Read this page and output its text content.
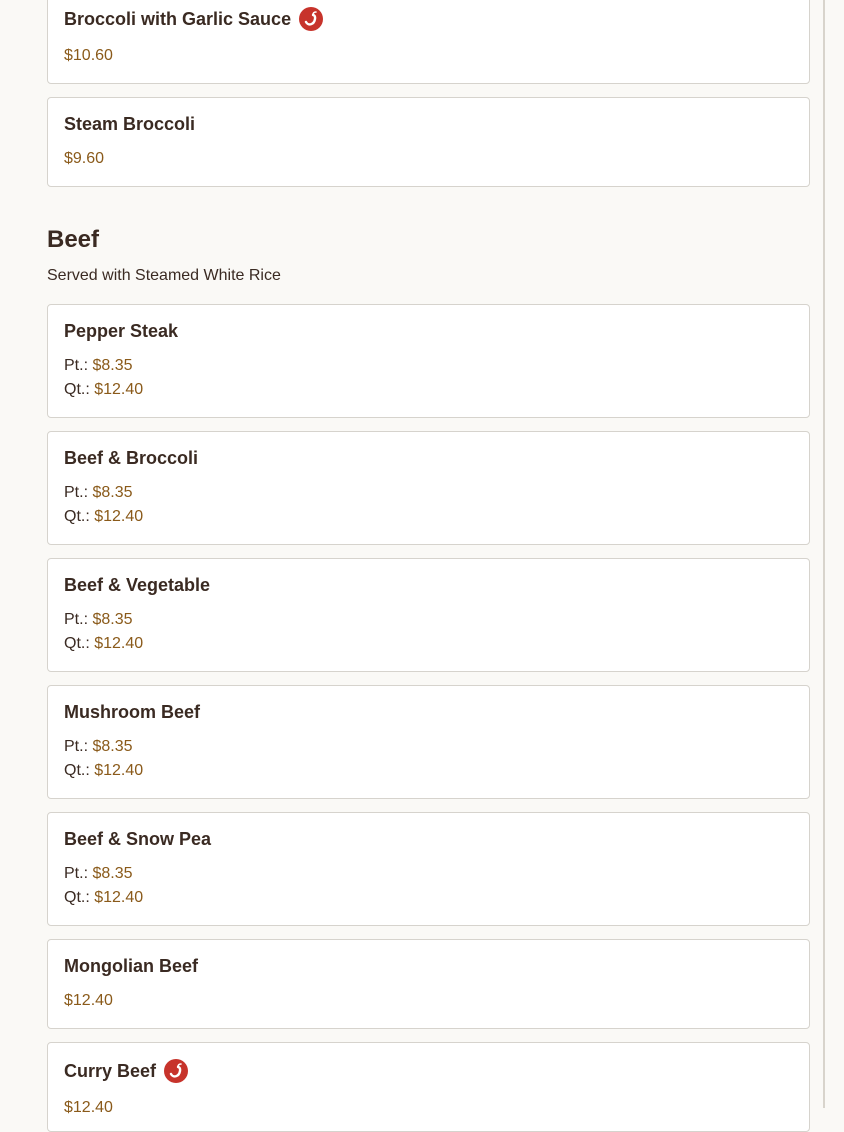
Broccoli with Garlic Sauce
$10.60
Steam Broccoli
$9.60
Beef
Served with Steamed White Rice
Pepper Steak
Pt.: $8.35
Qt.: $12.40
Beef & Broccoli
Pt.: $8.35
Qt.: $12.40
Beef & Vegetable
Pt.: $8.35
Qt.: $12.40
Mushroom Beef
Pt.: $8.35
Qt.: $12.40
Beef & Snow Pea
Pt.: $8.35
Qt.: $12.40
Mongolian Beef
$12.40
Curry Beef
$12.40
